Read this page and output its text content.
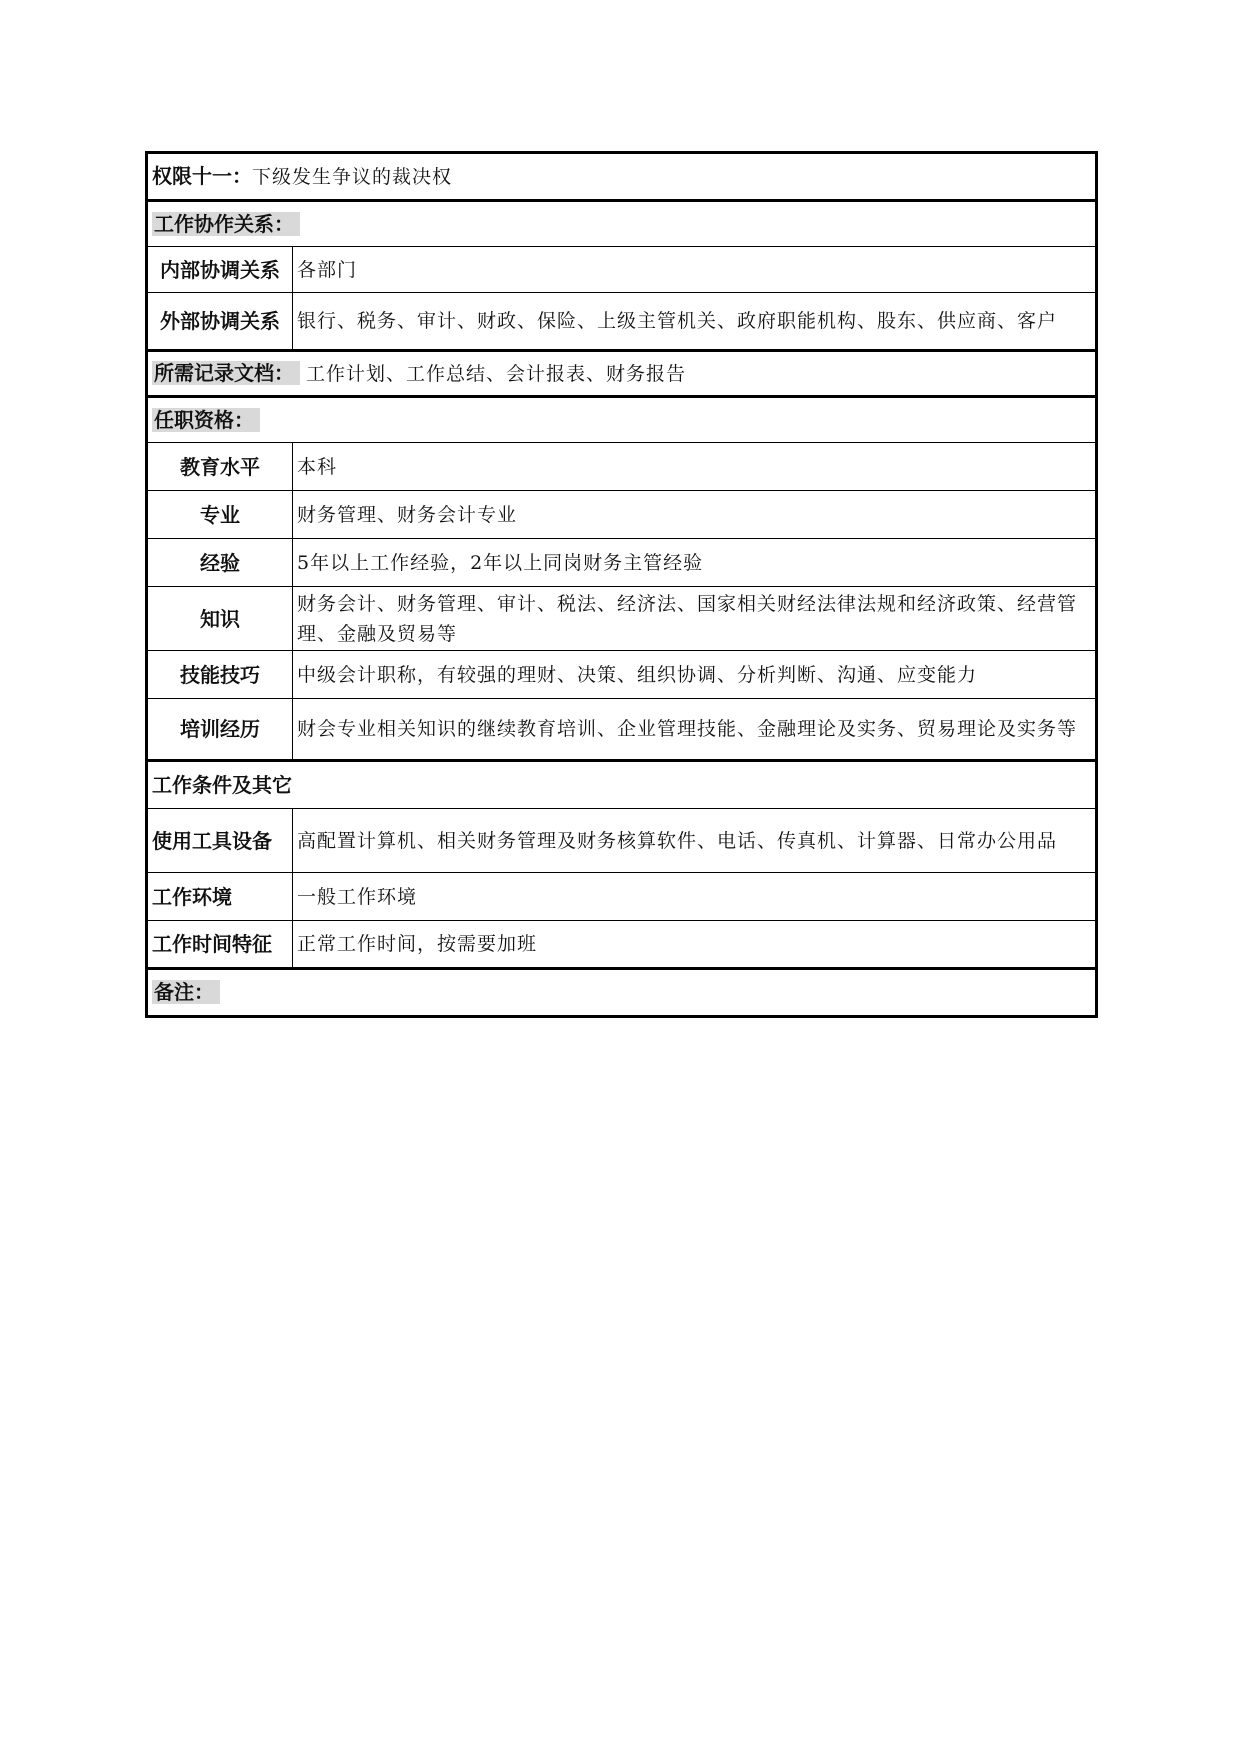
权限十一：下级发生争议的裁决权	
工作协作关系：	
内部协调关系	各部门
外部协调关系	银行、税务、审计、财政、保险、上级主管机关、政府职能机构、股东、供应商、客户
所需记录文档： 工作计划、工作总结、会计报表、财务报告	
任职资格：	
教育水平	本科
专业	财务管理、财务会计专业
经验	5年以上工作经验，2年以上同岗财务主管经验
知识	财务会计、财务管理、审计、税法、经济法、国家相关财经法律法规和经济政策、经营管理、金融及贸易等
技能技巧	中级会计职称，有较强的理财、决策、组织协调、分析判断、沟通、应变能力
培训经历	财会专业相关知识的继续教育培训、企业管理技能、金融理论及实务、贸易理论及实务等
工作条件及其它	
使用工具设备	高配置计算机、相关财务管理及财务核算软件、电话、传真机、计算器、日常办公用品
工作环境	一般工作环境
工作时间特征	正常工作时间，按需要加班
备注：	
